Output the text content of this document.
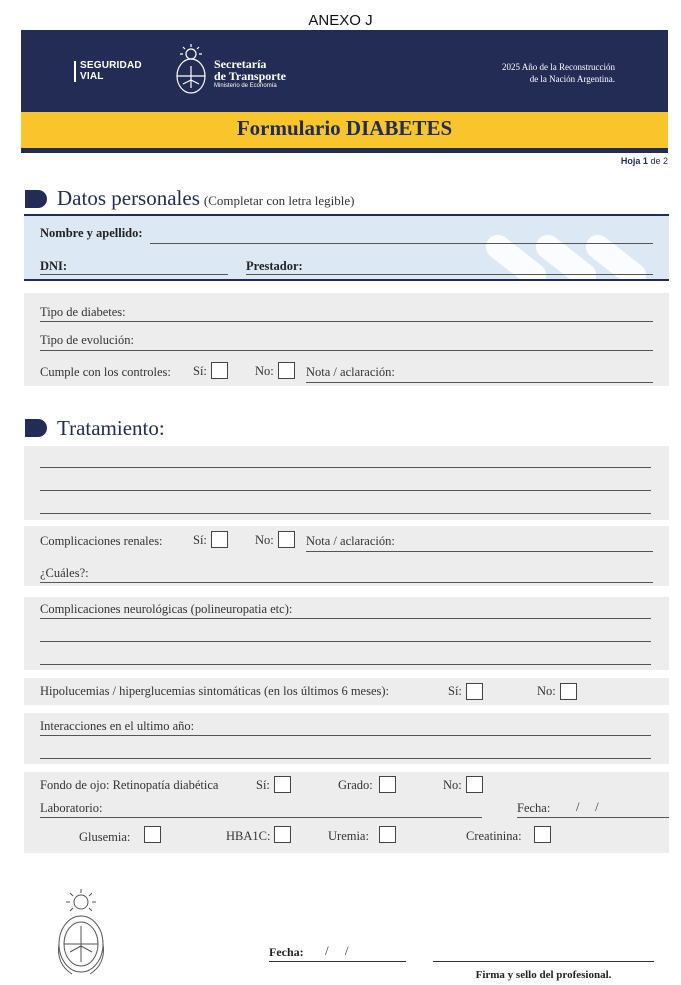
ANEXO J
SEGURIDAD
VIAL
Secretaría
de Transporte
Ministerio de Economía
2025 Año de la Reconstrucción
de la Nación Argentina.
Formulario DIABETES
Hoja 1 de 2
Datos personales (Completar con letra legible)
Nombre y apellido:
DNI:	Prestador:
Tipo de diabetes:
Tipo de evolución:
Cumple con los controles: Sí:	No:	Nota / aclaración:
Tratamiento:
Complicaciones renales: Sí:	No:	Nota / aclaración:
¿Cuáles?:
Complicaciones neurológicas (polineuropatia etc):
Hipolucemias / hiperglucemias sintomáticas (en los últimos 6 meses):	Sí:	No:
Interacciones en el ultimo año:
Fondo de ojo: Retinopatía diabética	Sí:	Grado:	No:
Laboratorio:	Fecha: /     /
Glusemia:	HBA1C:	Uremia:	Creatinina:
Fecha: /     /
Firma y sello del profesional.
